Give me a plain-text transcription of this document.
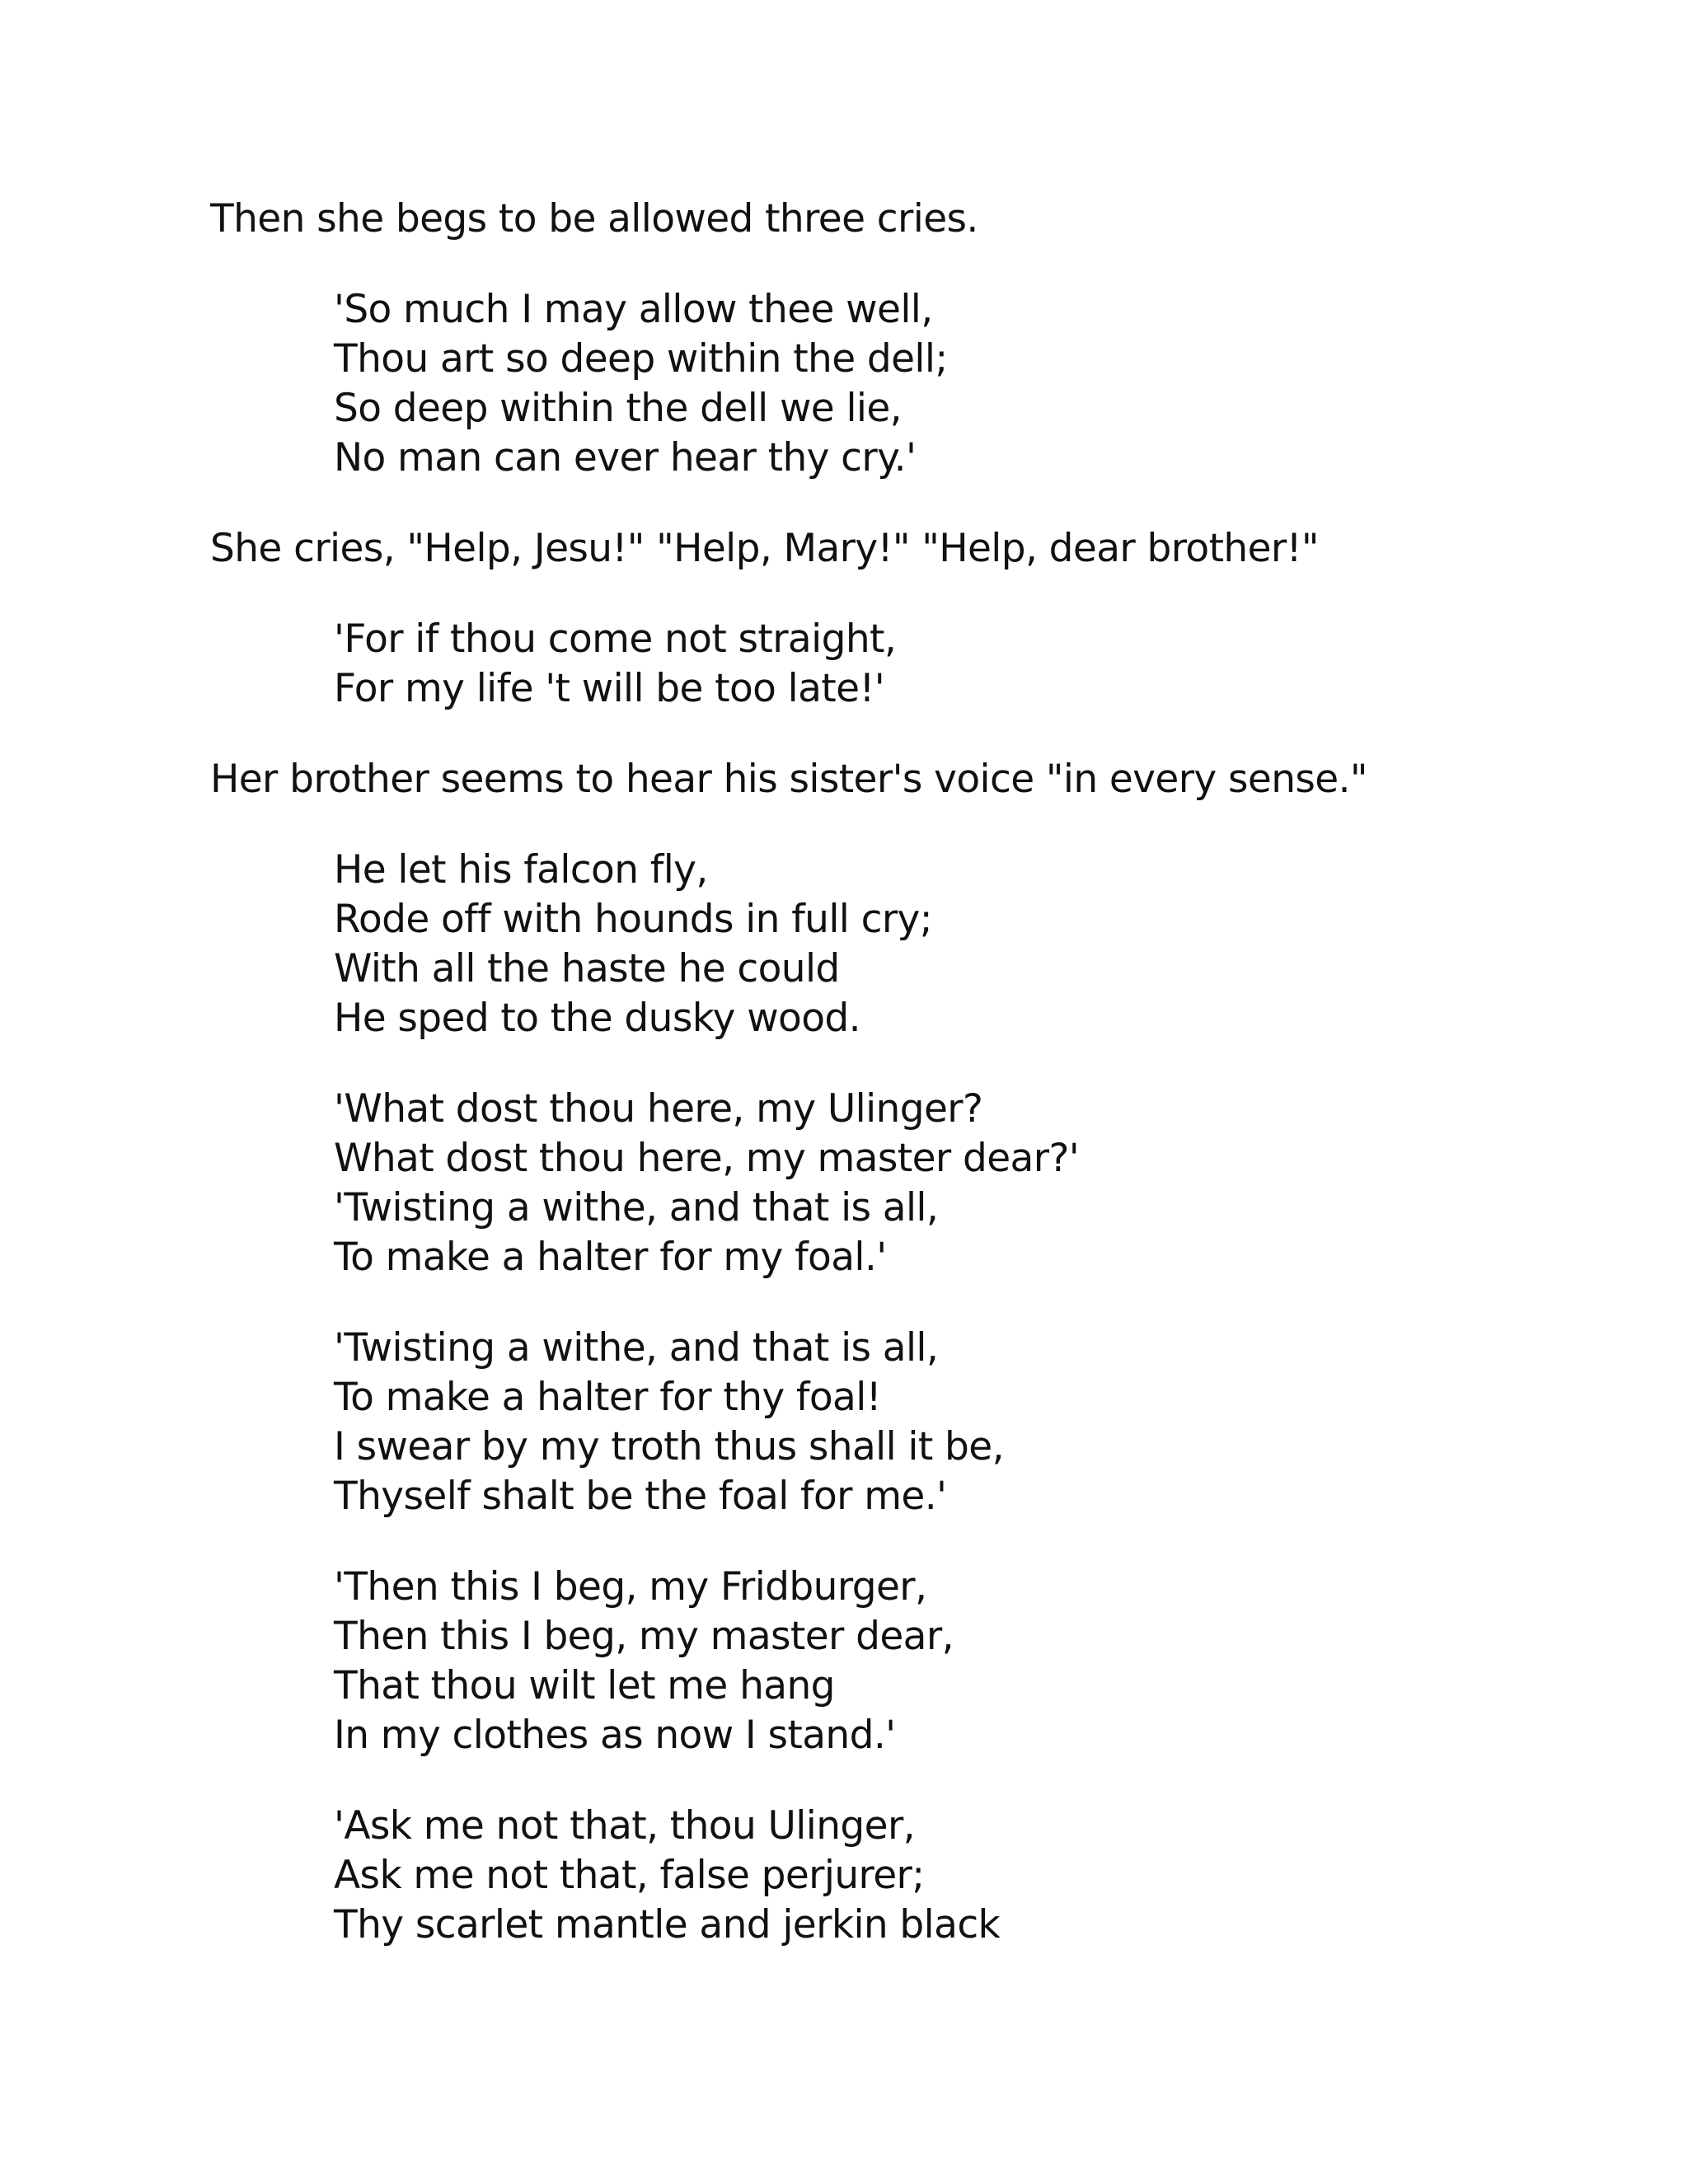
Then she begs to be allowed three cries.
'So much I may allow thee well,
Thou art so deep within the dell;
So deep within the dell we lie,
No man can ever hear thy cry.'
She cries, "Help, Jesu!" "Help, Mary!" "Help, dear brother!"
'For if thou come not straight,
For my life 't will be too late!'
Her brother seems to hear his sister's voice "in every sense."
He let his falcon fly,
Rode off with hounds in full cry;
With all the haste he could
He sped to the dusky wood.
'What dost thou here, my Ulinger?
What dost thou here, my master dear?'
'Twisting a withe, and that is all,
To make a halter for my foal.'
'Twisting a withe, and that is all,
To make a halter for thy foal!
I swear by my troth thus shall it be,
Thyself shalt be the foal for me.'
'Then this I beg, my Fridburger,
Then this I beg, my master dear,
That thou wilt let me hang
In my clothes as now I stand.'
'Ask me not that, thou Ulinger,
Ask me not that, false perjurer;
Thy scarlet mantle and jerkin black
